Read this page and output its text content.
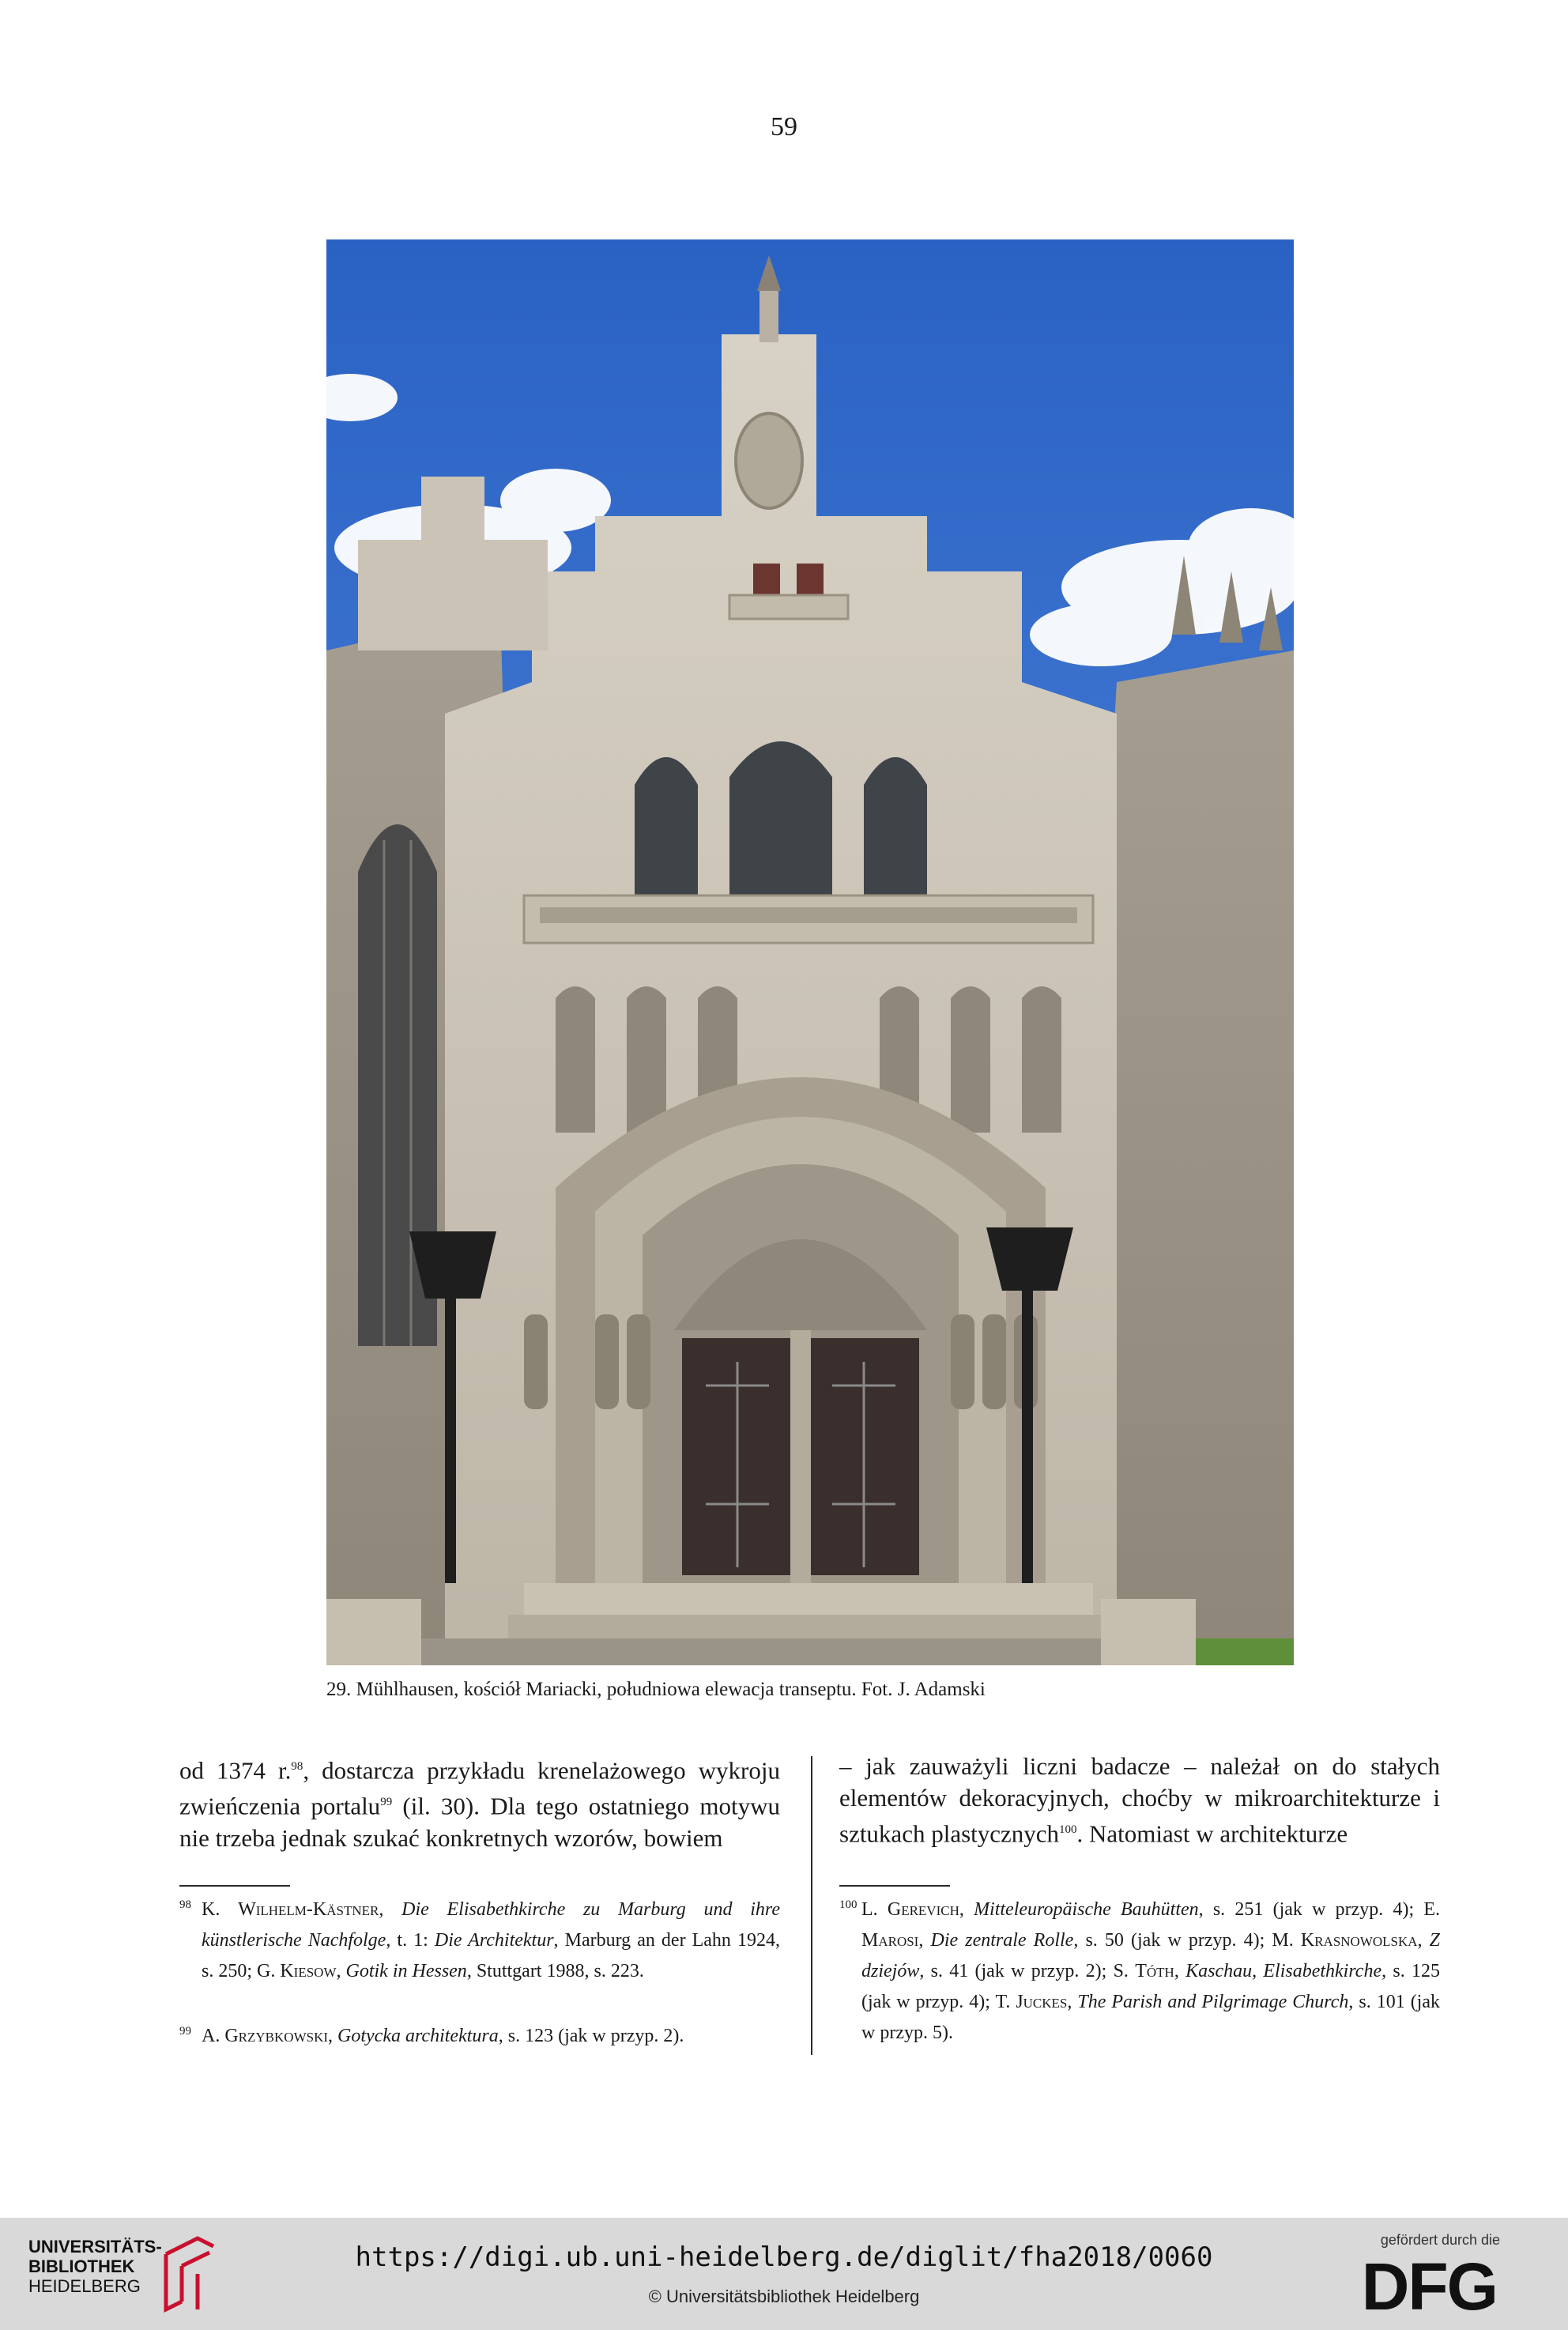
59
29. Mühlhausen, kościół Mariacki, południowa elewacja transeptu. Fot. J. Adamski

od 1374 r.$^{98}$, dostarcza przykładu krenelażowego wykroju zwieńczenia portalu$^{99}$ (il. 30). Dla tego ostatniego motywu nie trzeba jednak szukać konkretnych wzorów, bowiem

– jak zauważyli liczni badacze – należał on do stałych elementów dekoracyjnych, choćby w mikroarchitekturze i sztukach plastycznych$^{100}$. Natomiast w architekturze

98 K. Wilhelm-Kästner, Die Elisabethkirche zu Marburg und ihre künstlerische Nachfolge, t. 1: Die Architektur, Marburg an der Lahn 1924, s. 250; G. Kiesow, Gotik in Hessen, Stuttgart 1988, s. 223.
99 A. Grzybkowski, Gotycka architektura, s. 123 (jak w przyp. 2).
100 L. Gerevich, Mitteleuropäische Bauhütten, s. 251 (jak w przyp. 4); E. Marosi, Die zentrale Rolle, s. 50 (jak w przyp. 4); M. Krasnowolska, Z dziejów, s. 41 (jak w przyp. 2); S. Tóth, Kaschau, Elisabethkirche, s. 125 (jak w przyp. 4); T. Juckes, The Parish and Pilgrimage Church, s. 101 (jak w przyp. 5).
UNIVERSITÄTS-
BIBLIOTHEK
HEIDELBERG
https://digi.ub.uni-heidelberg.de/diglit/fha2018/0060
© Universitätsbibliothek Heidelberg
gefördert durch die
DFG
